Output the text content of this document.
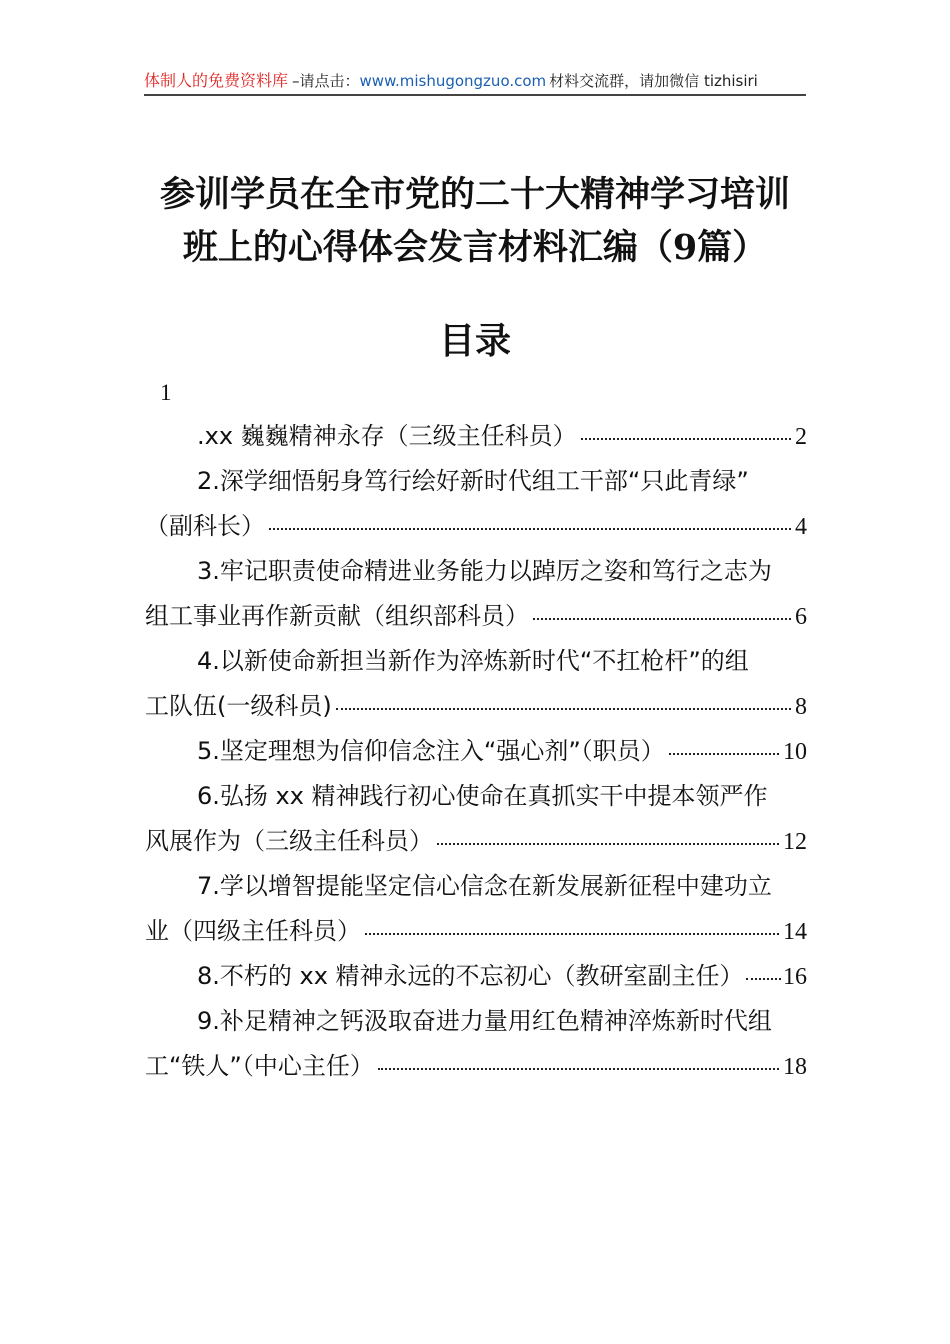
体制人的免费资料库 –请点击： www.mishugongzuo.com 材料交流群，请加微信 tizhisiri
参训学员在全市党的二十大精神学习培训
班上的心得体会发言材料汇编（9篇）
目录
1
.xx 巍巍精神永存（三级主任科员）	2
2.深学细悟躬身笃行绘好新时代组工干部“只此青绿”
（副科长）	4
3.牢记职责使命精进业务能力以踔厉之姿和笃行之志为
组工事业再作新贡献（组织部科员）	6
4.以新使命新担当新作为淬炼新时代“不扛枪杆”的组
工队伍(一级科员)	8
5.坚定理想为信仰信念注入“强心剂”（职员）	10
6.弘扬 xx 精神践行初心使命在真抓实干中提本领严作
风展作为（三级主任科员）	12
7.学以增智提能坚定信心信念在新发展新征程中建功立
业（四级主任科员）	14
8.不朽的 xx 精神永远的不忘初心（教研室副主任） 16
9.补足精神之钙汲取奋进力量用红色精神淬炼新时代组
工“铁人”（中心主任）	18
